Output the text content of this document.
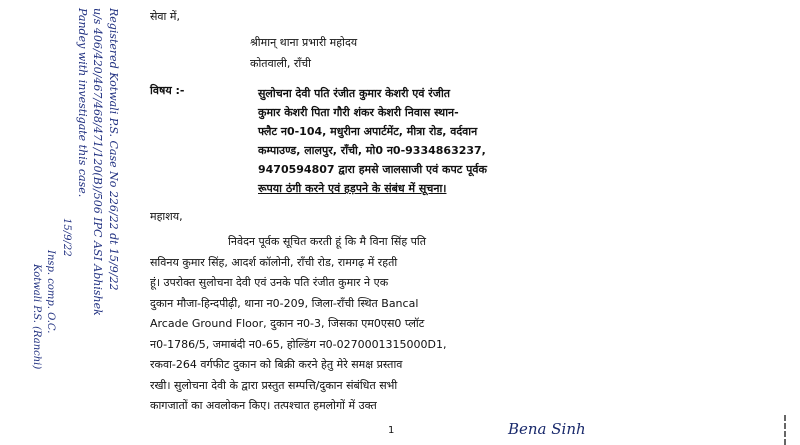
Registered Kotwali P.S. Case No 226/22 dt 15/9/22
u/s 406/420/467/468/471/120(B)/506 IPC ASI Abhishek
Pandey with investigate this case.
15/9/22
Insp. comp. O.C.
Kotwali P.S. (Ranchi)
सेवा में,
श्रीमान् थाना प्रभारी महोदय
कोतवाली, राँची
विषय :-	सुलोचना देवी पति रंजीत कुमार केशरी एवं रंजीत
कुमार केशरी पिता गौरी शंकर केशरी निवास स्थान-
फ्लैट न0-104, मधुरीना अपार्टमेंट, मीत्रा रोड, वर्दवान
कम्पाउण्ड, लालपुर, राँची, मो0 न0-9334863237,
9470594807 द्वारा हमसे जालसाजी एवं कपट पूर्वक
रूपया ठंगी करने एवं हड़पने के संबंध में सूचना।
महाशय,
निवेदन पूर्वक सूचित करती हूं कि मै विना सिंह पति
सविनय कुमार सिंह, आदर्श कॉलोनी, राँची रोड, रामगढ़ में रहती
हूं। उपरोक्त सुलोचना देवी एवं उनके पति रंजीत कुमार ने एक
दुकान मौजा-हिन्दपीढ़ी, थाना न0-209, जिला-राँची स्थित Bancal
Arcade Ground Floor, दुकान न0-3, जिसका एम0एस0 प्लॉट
न0-1786/5, जमाबंदी न0-65, होल्डिंग न0-0270001315000D1,
रकवा-264 वर्गफीट दुकान को बिक्री करने हेतु मेरे समक्ष प्रस्ताव
रखी। सुलोचना देवी के द्वारा प्रस्तुत सम्पत्ति/दुकान संबंधित सभी
कागजातों का अवलोकन किए। तत्पश्चात हमलोगों में उक्त
1	Bena Sinh
